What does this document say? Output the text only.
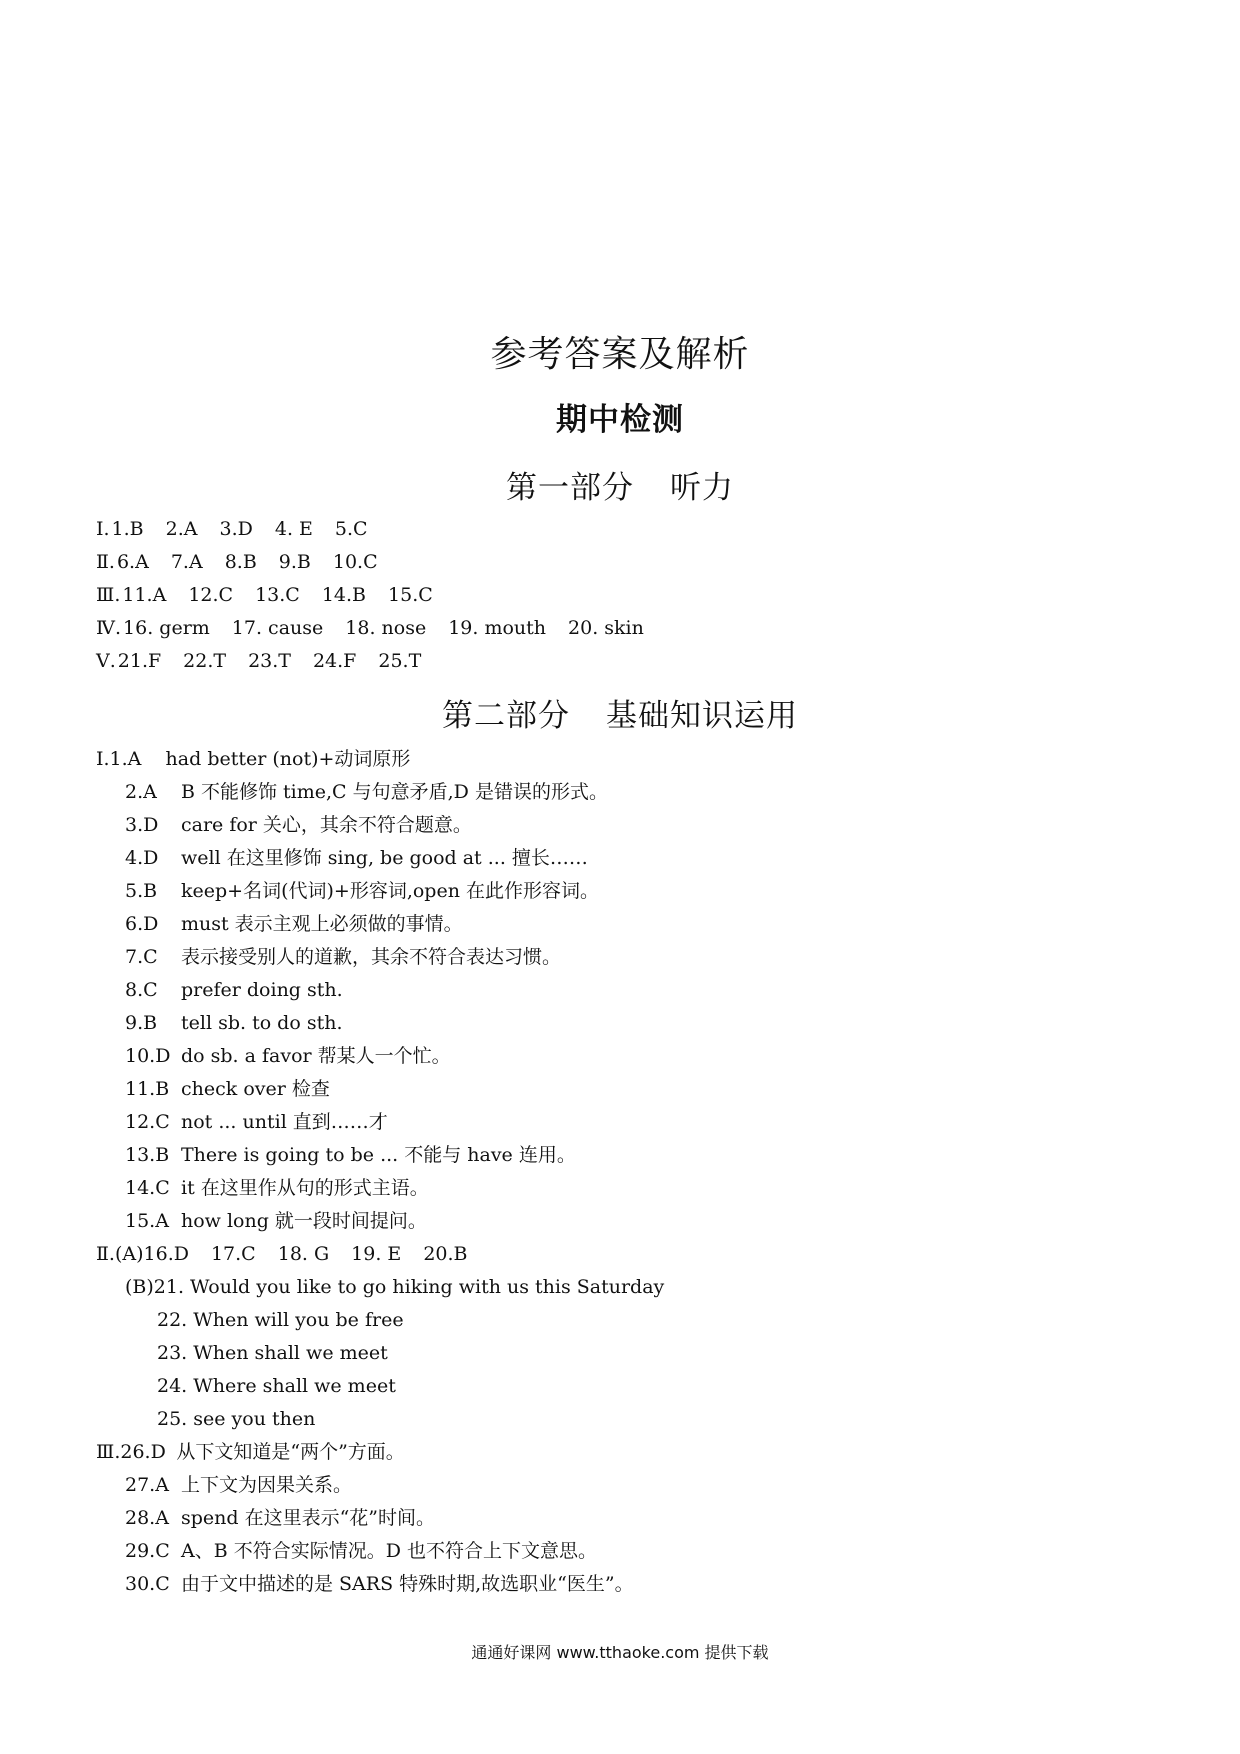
参考答案及解析
期中检测
第一部分 听力
Ⅰ. 1.B 2.A 3.D 4. E 5.C
Ⅱ. 6.A 7.A 8.B 9.B 10.C
Ⅲ. 11.A 12.C 13.C 14.B 15.C
Ⅳ. 16. germ 17. cause 18. nose 19. mouth 20. skin
Ⅴ. 21.F 22.T 23.T 24.F 25.T
第二部分 基础知识运用
Ⅰ.1.A had better (not)+动词原形
2.A B 不能修饰 time,C 与句意矛盾,D 是错误的形式。
3.D care for 关心，其余不符合题意。
4.D well 在这里修饰 sing, be good at ... 擅长……
5.B keep+名词(代词)+形容词,open 在此作形容词。
6.D must 表示主观上必须做的事情。
7.C 表示接受别人的道歉，其余不符合表达习惯。
8.C prefer doing sth.
9.B tell sb. to do sth.
10.D do sb. a favor 帮某人一个忙。
11.B check over 检查
12.C not ... until 直到……才
13.B There is going to be ... 不能与 have 连用。
14.C it 在这里作从句的形式主语。
15.A how long 就一段时间提问。
Ⅱ.(A)16.D 17.C 18. G 19. E 20.B
(B)21. Would you like to go hiking with us this Saturday
22. When will you be free
23. When shall we meet
24. Where shall we meet
25. see you then
Ⅲ.26.D 从下文知道是“两个”方面。
27.A 上下文为因果关系。
28.A spend 在这里表示“花”时间。
29.C A、B 不符合实际情况。D 也不符合上下文意思。
30.C 由于文中描述的是 SARS 特殊时期,故选职业“医生”。
通通好课网 www.tthaoke.com 提供下载
